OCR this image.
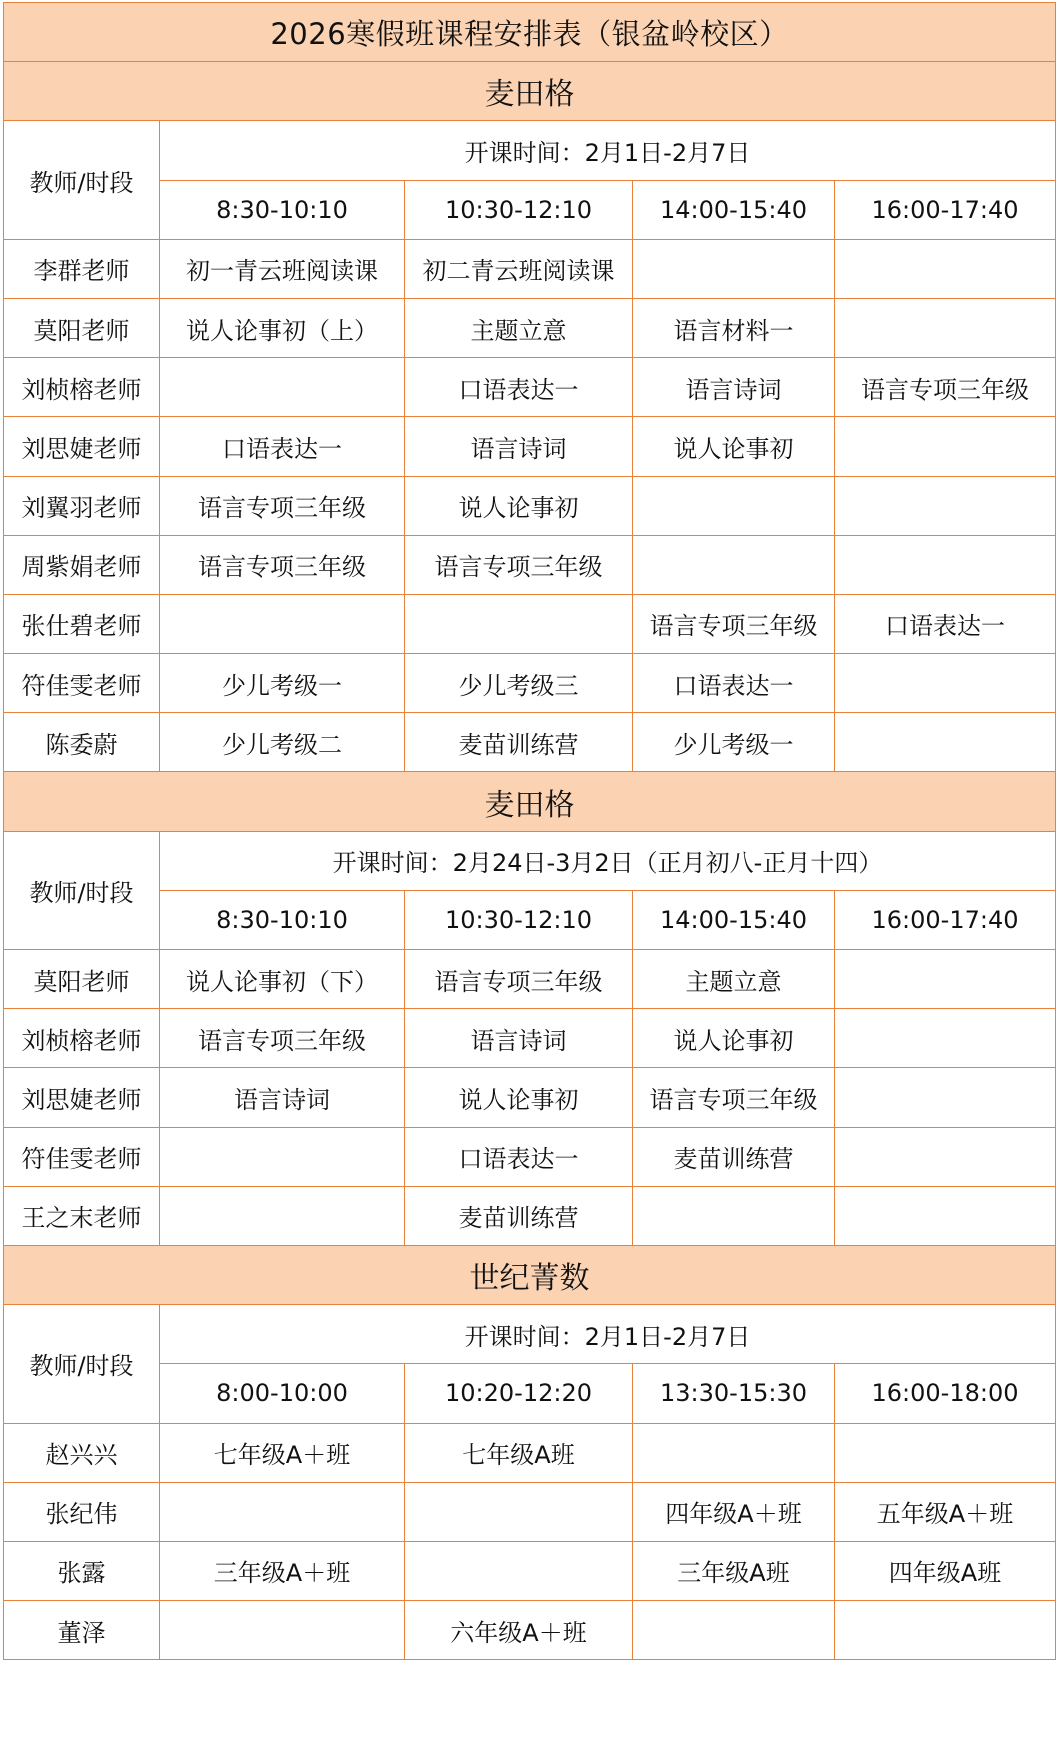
2026寒假班课程安排表（银盆岭校区）				
麦田格				
教师/时段	开课时间：2月1日-2月7日			
	8:30-10:10	10:30-12:10	14:00-15:40	16:00-17:40
李群老师	初一青云班阅读课	初二青云班阅读课		
莫阳老师	说人论事初（上）	主题立意	语言材料一	
刘桢榕老师		口语表达一	语言诗词	语言专项三年级
刘思婕老师	口语表达一	语言诗词	说人论事初	
刘翼羽老师	语言专项三年级	说人论事初		
周紫娟老师	语言专项三年级	语言专项三年级		
张仕碧老师			语言专项三年级	口语表达一
符佳雯老师	少儿考级一	少儿考级三	口语表达一	
陈委蔚	少儿考级二	麦苗训练营	少儿考级一	
麦田格				
教师/时段	开课时间：2月24日-3月2日（正月初八-正月十四）			
	8:30-10:10	10:30-12:10	14:00-15:40	16:00-17:40
莫阳老师	说人论事初（下）	语言专项三年级	主题立意	
刘桢榕老师	语言专项三年级	语言诗词	说人论事初	
刘思婕老师	语言诗词	说人论事初	语言专项三年级	
符佳雯老师		口语表达一	麦苗训练营	
王之末老师		麦苗训练营		
世纪菁数				
教师/时段	开课时间：2月1日-2月7日			
	8:00-10:00	10:20-12:20	13:30-15:30	16:00-18:00
赵兴兴	七年级A＋班	七年级A班		
张纪伟			四年级A＋班	五年级A＋班
张露	三年级A＋班		三年级A班	四年级A班
董泽		六年级A＋班		
